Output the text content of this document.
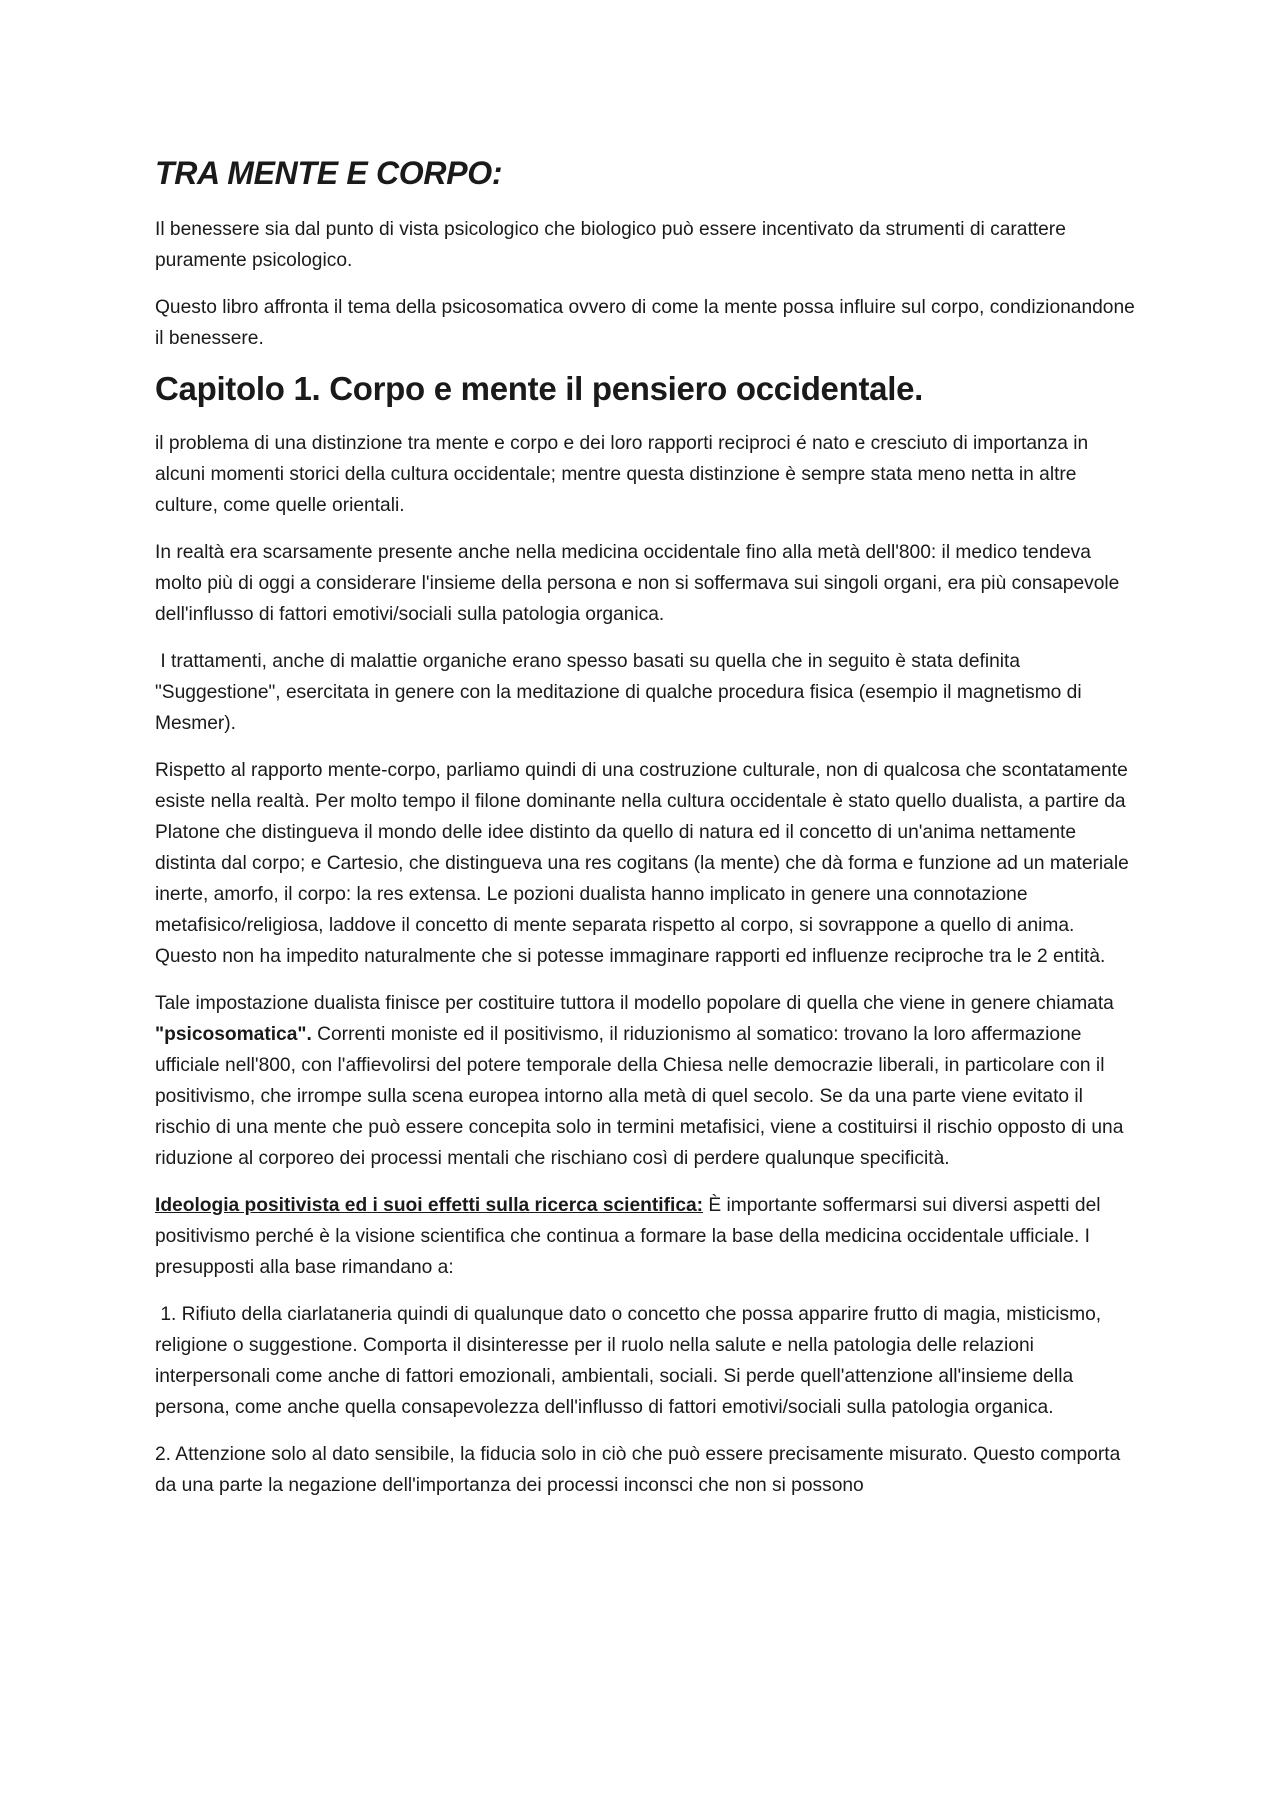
TRA MENTE E CORPO:

Il benessere sia dal punto di vista psicologico che biologico può essere incentivato da strumenti di carattere puramente psicologico.

Questo libro affronta il tema della psicosomatica ovvero di come la mente possa influire sul corpo, condizionandone il benessere.

Capitolo 1. Corpo e mente il pensiero occidentale.

il problema di una distinzione tra mente e corpo e dei loro rapporti reciproci é nato e cresciuto di importanza in alcuni momenti storici della cultura occidentale; mentre questa distinzione è sempre stata meno netta in altre culture, come quelle orientali.

In realtà era scarsamente presente anche nella medicina occidentale fino alla metà dell'800: il medico tendeva molto più di oggi a considerare l'insieme della persona e non si soffermava sui singoli organi, era più consapevole dell'influsso di fattori emotivi/sociali sulla patologia organica.

I trattamenti, anche di malattie organiche erano spesso basati su quella che in seguito è stata definita "Suggestione", esercitata in genere con la meditazione di qualche procedura fisica (esempio il magnetismo di Mesmer).

Rispetto al rapporto mente-corpo, parliamo quindi di una costruzione culturale, non di qualcosa che scontatamente esiste nella realtà. Per molto tempo il filone dominante nella cultura occidentale è stato quello dualista, a partire da Platone che distingueva il mondo delle idee distinto da quello di natura ed il concetto di un'anima nettamente distinta dal corpo; e Cartesio, che distingueva una res cogitans (la mente) che dà forma e funzione ad un materiale inerte, amorfo, il corpo: la res extensa. Le pozioni dualista hanno implicato in genere una connotazione metafisico/religiosa, laddove il concetto di mente separata rispetto al corpo, si sovrappone a quello di anima. Questo non ha impedito naturalmente che si potesse immaginare rapporti ed influenze reciproche tra le 2 entità.

Tale impostazione dualista finisce per costituire tuttora il modello popolare di quella che viene in genere chiamata "psicosomatica". Correnti moniste ed il positivismo, il riduzionismo al somatico: trovano la loro affermazione ufficiale nell'800, con l'affievolirsi del potere temporale della Chiesa nelle democrazie liberali, in particolare con il positivismo, che irrompe sulla scena europea intorno alla metà di quel secolo. Se da una parte viene evitato il rischio di una mente che può essere concepita solo in termini metafisici, viene a costituirsi il rischio opposto di una riduzione al corporeo dei processi mentali che rischiano così di perdere qualunque specificità.

Ideologia positivista ed i suoi effetti sulla ricerca scientifica: È importante soffermarsi sui diversi aspetti del positivismo perché è la visione scientifica che continua a formare la base della medicina occidentale ufficiale. I presupposti alla base rimandano a:

1. Rifiuto della ciarlataneria quindi di qualunque dato o concetto che possa apparire frutto di magia, misticismo, religione o suggestione. Comporta il disinteresse per il ruolo nella salute e nella patologia delle relazioni interpersonali come anche di fattori emozionali, ambientali, sociali. Si perde quell'attenzione all'insieme della persona, come anche quella consapevolezza dell'influsso di fattori emotivi/sociali sulla patologia organica.

2. Attenzione solo al dato sensibile, la fiducia solo in ciò che può essere precisamente misurato. Questo comporta da una parte la negazione dell'importanza dei processi inconsci che non si possono
